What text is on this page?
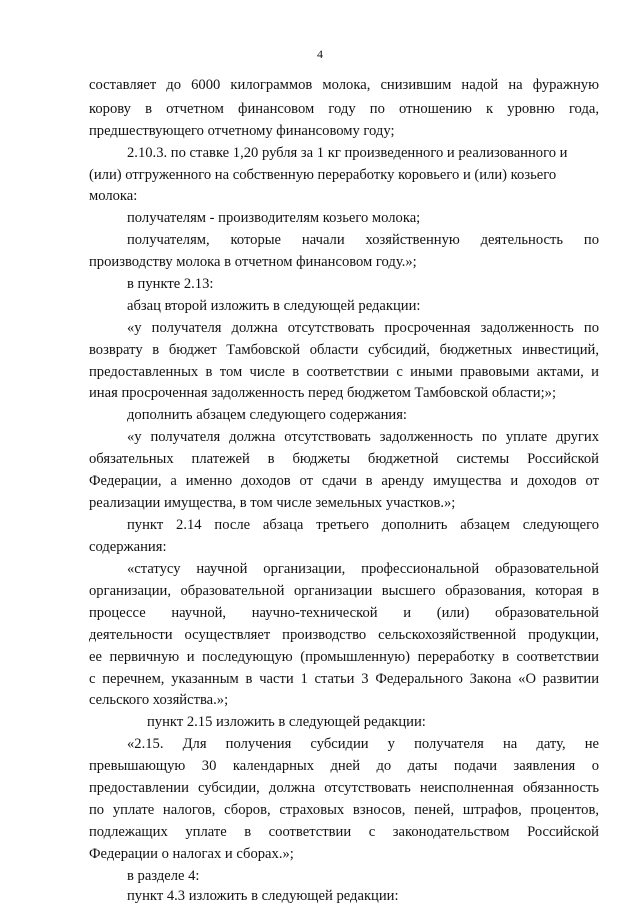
4
составляет до 6000 килограммов молока, снизившим надой на фуражную
корову в отчетном финансовом году по отношению к уровню года,
предшествующего отчетному финансовому году;
2.10.3. по ставке 1,20 рубля за 1 кг произведенного и реализованного и
(или) отгруженного на собственную переработку коровьего и (или) козьего
молока:
получателям - производителям козьего молока;
получателям, которые начали хозяйственную деятельность по
производству молока в отчетном финансовом году.»;
в пункте 2.13:
абзац второй изложить в следующей редакции:
«у получателя должна отсутствовать просроченная задолженность по
возврату в бюджет Тамбовской области субсидий, бюджетных инвестиций,
предоставленных в том числе в соответствии с иными правовыми актами, и
иная просроченная задолженность перед бюджетом Тамбовской области;»;
дополнить абзацем следующего содержания:
«у получателя должна отсутствовать задолженность по уплате других
обязательных платежей в бюджеты бюджетной системы Российской
Федерации, а именно доходов от сдачи в аренду имущества и доходов от
реализации имущества, в том числе земельных участков.»;
пункт 2.14 после абзаца третьего дополнить абзацем следующего
содержания:
«статусу научной организации, профессиональной образовательной
организации, образовательной организации высшего образования, которая в
процессе научной, научно-технической и (или) образовательной
деятельности осуществляет производство сельскохозяйственной продукции,
ее первичную и последующую (промышленную) переработку в соответствии
с перечнем, указанным в части 1 статьи 3 Федерального Закона «О развитии
сельского хозяйства.»;
пункт 2.15 изложить в следующей редакции:
«2.15. Для получения субсидии у получателя на дату, не
превышающую 30 календарных дней до даты подачи заявления о
предоставлении субсидии, должна отсутствовать неисполненная обязанность
по уплате налогов, сборов, страховых взносов, пеней, штрафов, процентов,
подлежащих уплате в соответствии с законодательством Российской
Федерации о налогах и сборах.»;
в разделе 4:
пункт 4.3 изложить в следующей редакции:
